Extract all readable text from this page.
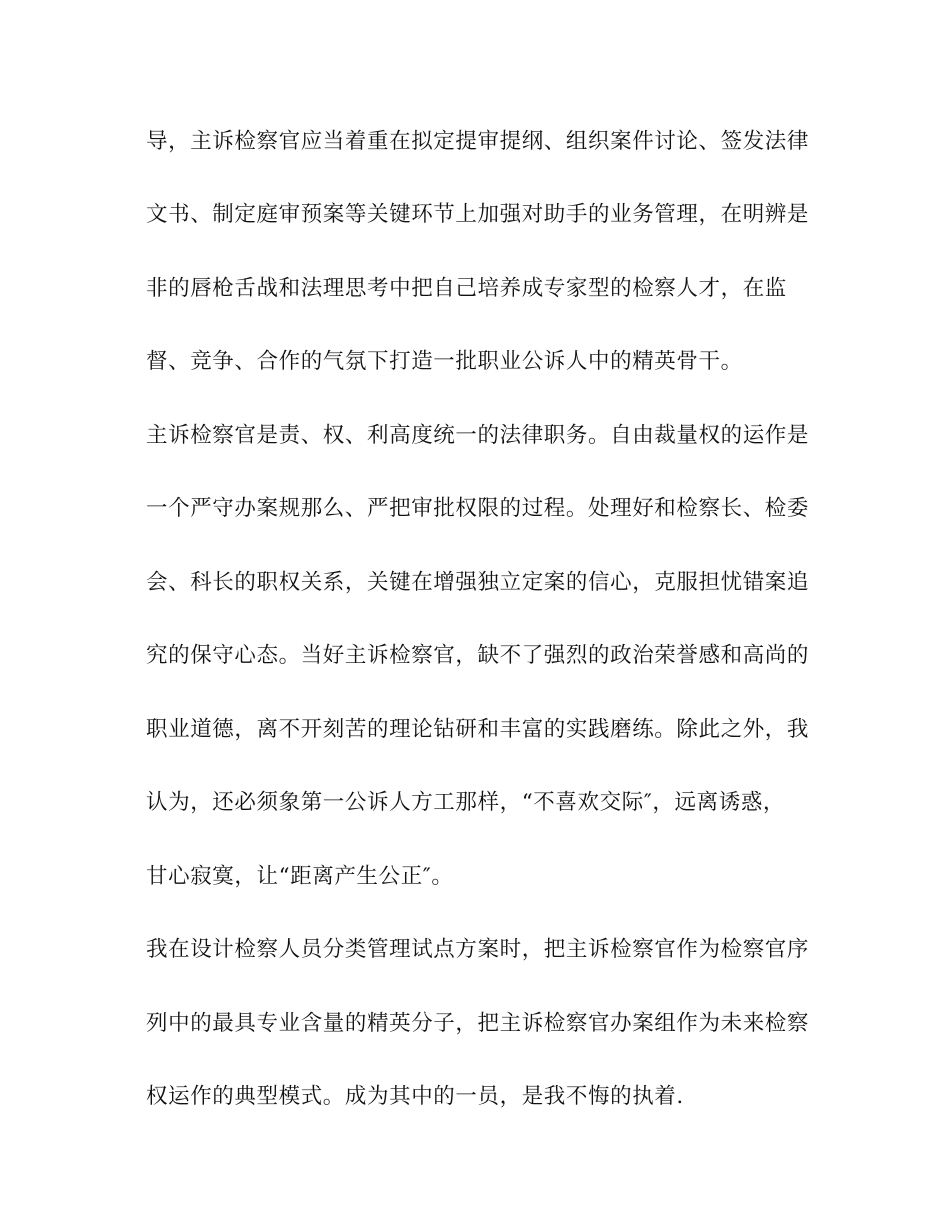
导，主诉检察官应当着重在拟定提审提纲、组织案件讨论、签发法律

文书、制定庭审预案等关键环节上加强对助手的业务管理，在明辨是

非的唇枪舌战和法理思考中把自己培养成专家型的检察人才，在监

督、竞争、合作的气氛下打造一批职业公诉人中的精英骨干。

主诉检察官是责、权、利高度统一的法律职务。自由裁量权的运作是

一个严守办案规那么、严把审批权限的过程。处理好和检察长、检委

会、科长的职权关系，关键在增强独立定案的信心，克服担忧错案追

究的保守心态。当好主诉检察官，缺不了强烈的政治荣誉感和高尚的

职业道德，离不开刻苦的理论钻研和丰富的实践磨练。除此之外，我

认为，还必须象第一公诉人方工那样，“不喜欢交际″，远离诱惑，

甘心寂寞，让“距离产生公正″。

我在设计检察人员分类管理试点方案时，把主诉检察官作为检察官序

列中的最具专业含量的精英分子，把主诉检察官办案组作为未来检察

权运作的典型模式。成为其中的一员，是我不悔的执着.
